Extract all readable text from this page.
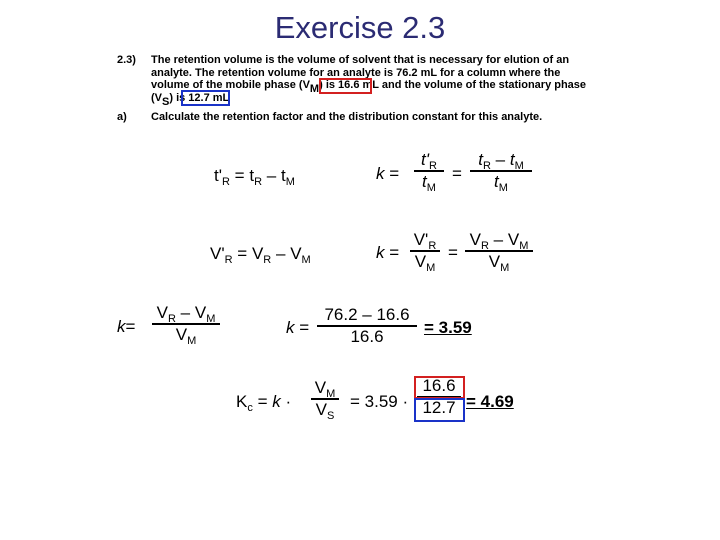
Exercise 2.3
2.3) The retention volume is the volume of solvent that is necessary for elution of an
analyte. The retention volume for an analyte is 76.2 mL for a column where the
volume of the mobile phase $(V_M)$ is 16.6 mL and the volume of the stationary phase
$(V_S)$ is 12.7 mL
a) Calculate the retention factor and the distribution constant for this analyte.
$t'_R = t_R - t_M$	k =
$t'_R$
$t_M$
=
$t_R - t_M$
$t_M$
$V'_R = V_R - V_M$	k =
$V'_R$
$V_M$
=
$V_R - V_M$
$V_M$
k=
$V_R - V_M$
$V_M$
k =
76.2 – 16.6
16.6 = 3.59
$K_c = k$ ·
$V_M$
$V_S$
= 3.59 ·
16.6
12.7 = 4.69
